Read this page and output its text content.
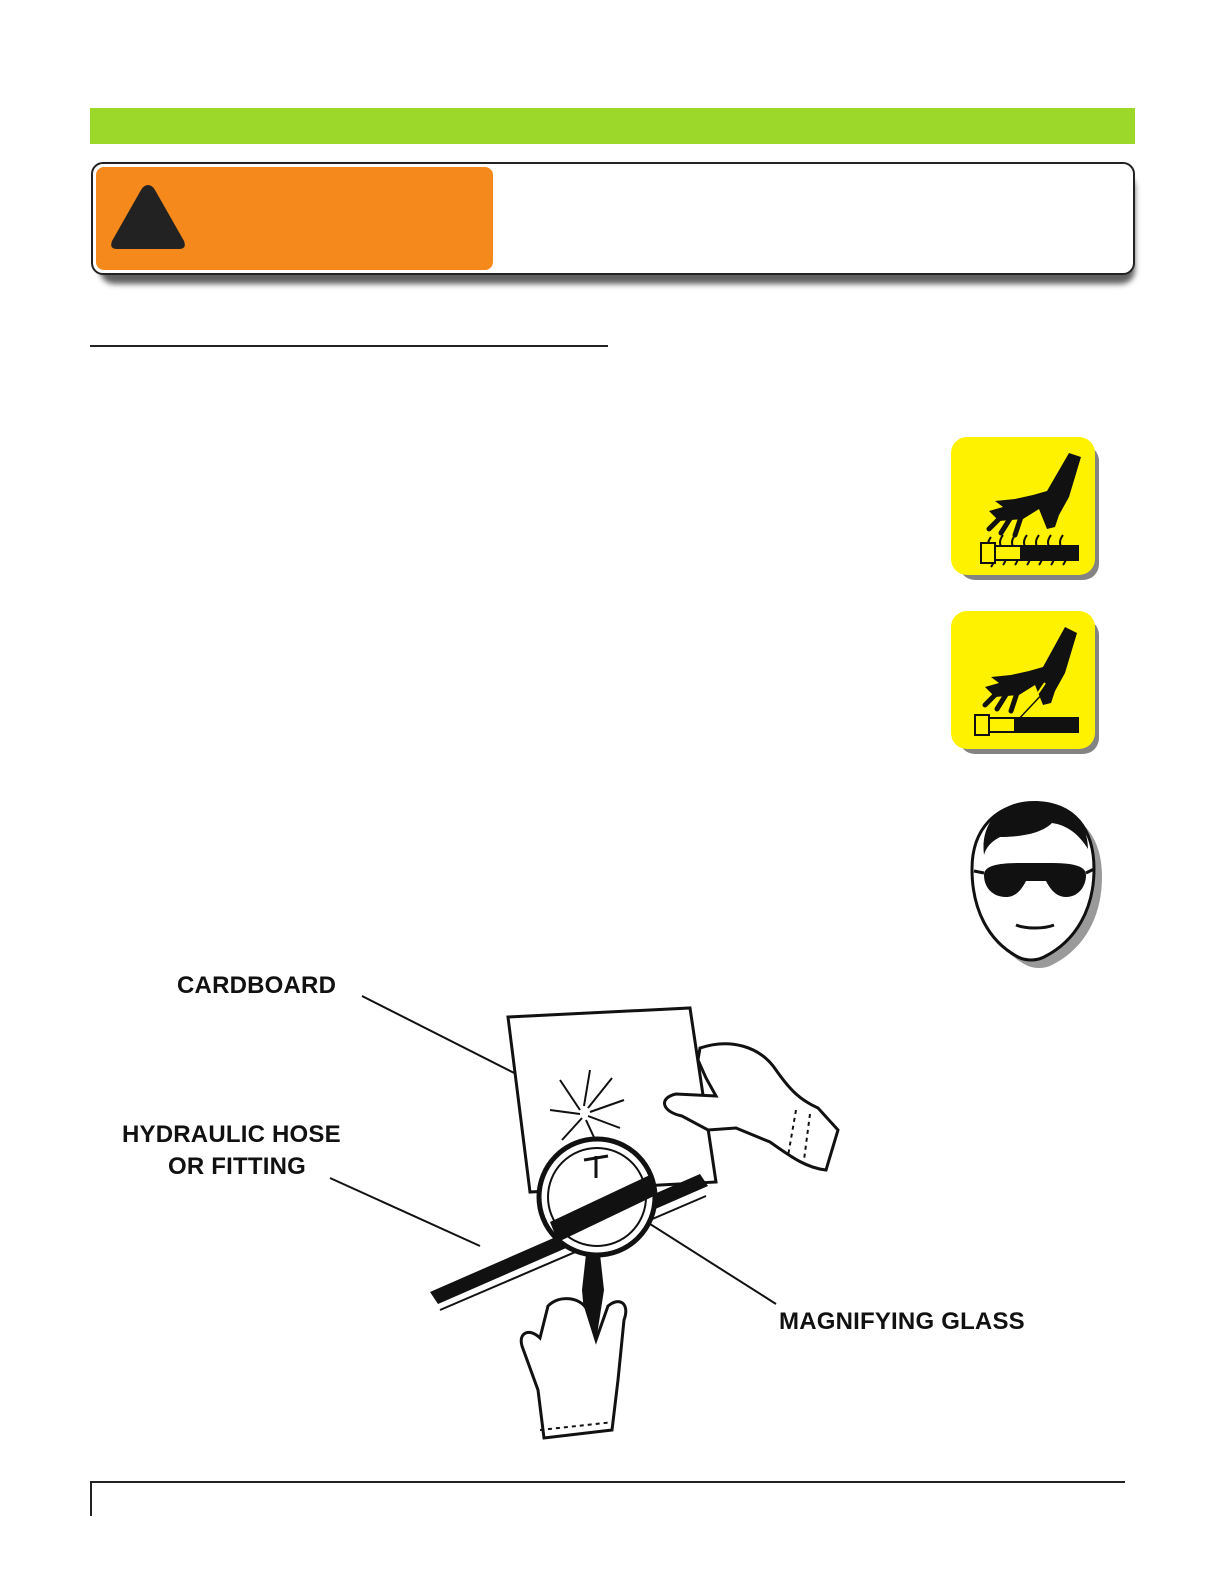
CARDBOARD
HYDRAULIC HOSE
OR FITTING
MAGNIFYING GLASS
